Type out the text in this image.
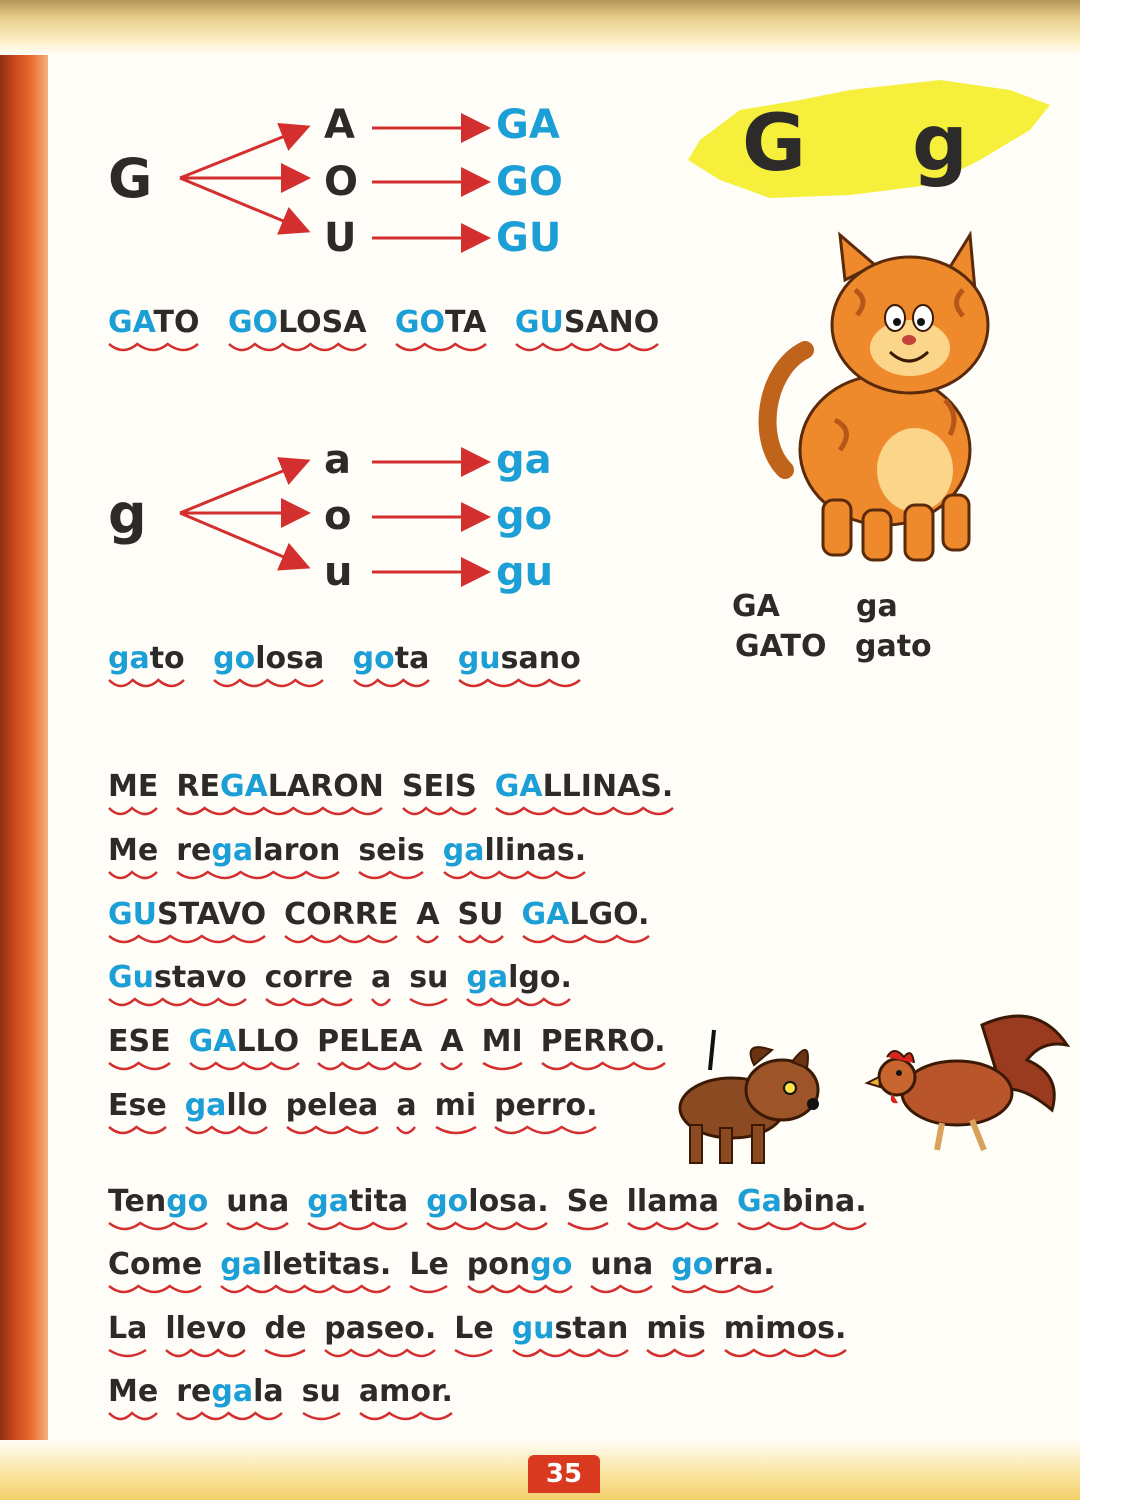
G g
G
A
O
U
GA
GO
GU
g
a
o
u
ga
go
gu
GATO GOLOSA GOTA GUSANO
gato golosa gota gusano
GA	ga
GATO gato
ME REGALARON SEIS GALLINAS.
Me regalaron seis gallinas.
GUSTAVO CORRE A SU GALGO.
Gustavo corre a su galgo.
ESE GALLO PELEA A MI PERRO.
Ese gallo pelea a mi perro.
Tengo una gatita golosa. Se llama Gabina.
Come galletitas. Le pongo una gorra.
La llevo de paseo. Le gustan mis mimos.
Me regala su amor.
35
